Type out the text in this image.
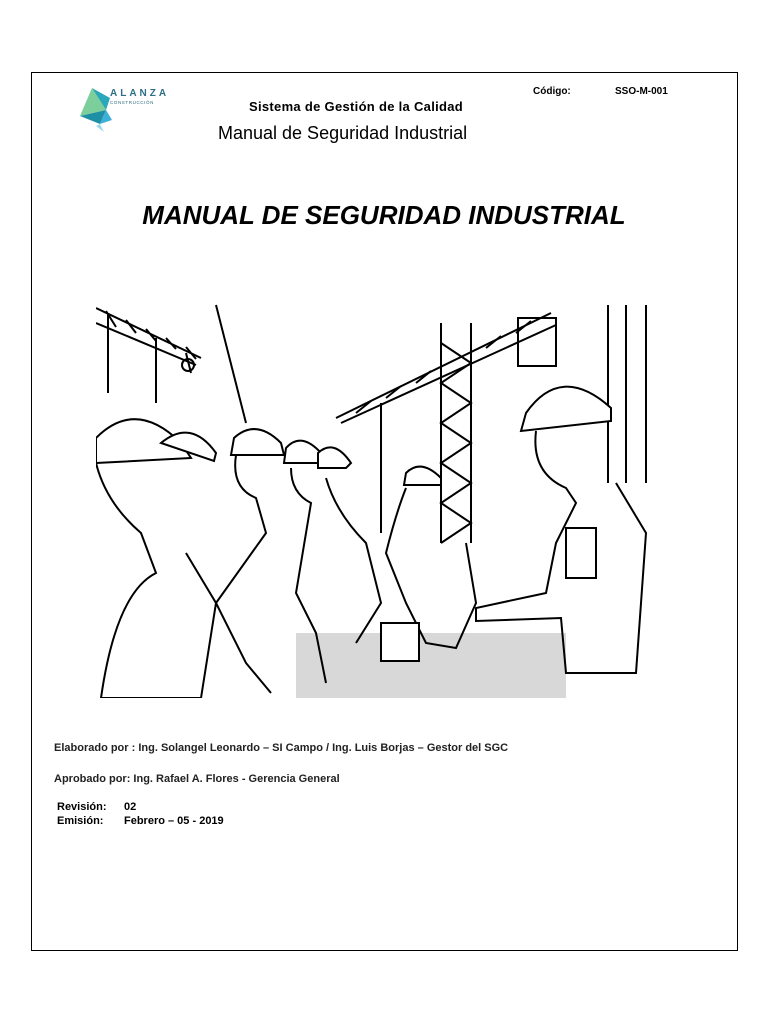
ALANZA
CONSTRUCCIÓN
Código:	SSO-M-001
Sistema de Gestión de la Calidad
Manual de Seguridad Industrial
MANUAL DE SEGURIDAD INDUSTRIAL
Elaborado por : Ing. Solangel Leonardo – SI Campo / Ing. Luis Borjas – Gestor del SGC
Aprobado por: Ing. Rafael A. Flores - Gerencia General
Revisión: 02
Emisión: Febrero – 05 - 2019
